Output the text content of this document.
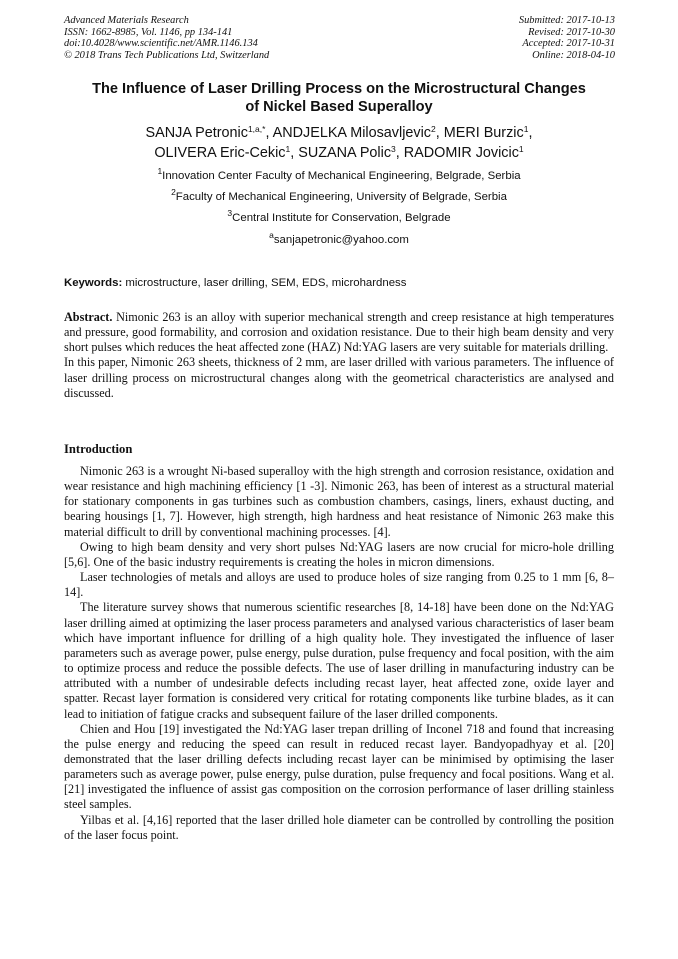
Advanced Materials Research
ISSN: 1662-8985, Vol. 1146, pp 134-141
doi:10.4028/www.scientific.net/AMR.1146.134
© 2018 Trans Tech Publications Ltd, Switzerland
Submitted: 2017-10-13
Revised: 2017-10-30
Accepted: 2017-10-31
Online: 2018-04-10
The Influence of Laser Drilling Process on the Microstructural Changes
of Nickel Based Superalloy
SANJA Petronic$^{1,a,*}$, ANDJELKA Milosavljevic$^2$, MERI Burzic$^1$,
OLIVERA Eric-Cekic$^1$, SUZANA Polic$^3$, RADOMIR Jovicic$^1$
$^1$Innovation Center Faculty of Mechanical Engineering, Belgrade, Serbia
$^2$Faculty of Mechanical Engineering, University of Belgrade, Serbia
$^3$Central Institute for Conservation, Belgrade
$^a$sanjapetronic@yahoo.com
Keywords: microstructure, laser drilling, SEM, EDS, microhardness

Abstract. Nimonic 263 is an alloy with superior mechanical strength and creep resistance at high temperatures and pressure, good formability, and corrosion and oxidation resistance. Due to their high beam density and very short pulses which reduces the heat affected zone (HAZ) Nd:YAG lasers are very suitable for materials drilling.

In this paper, Nimonic 263 sheets, thickness of 2 mm, are laser drilled with various parameters. The influence of laser drilling process on microstructural changes along with the geometrical characteristics are analysed and discussed.

Introduction

Nimonic 263 is a wrought Ni-based superalloy with the high strength and corrosion resistance, oxidation and wear resistance and high machining efficiency [1 -3]. Nimonic 263, has been of interest as a structural material for stationary components in gas turbines such as combustion chambers, casings, liners, exhaust ducting, and bearing housings [1, 7]. However, high strength, high hardness and heat resistance of Nimonic 263 make this material difficult to drill by conventional machining processes. [4].

Owing to high beam density and very short pulses Nd:YAG lasers are now crucial for micro-hole drilling [5,6]. One of the basic industry requirements is creating the holes in micron dimensions.

Laser technologies of metals and alloys are used to produce holes of size ranging from 0.25 to 1 mm [6, 8–14].

The literature survey shows that numerous scientific researches [8, 14-18] have been done on the Nd:YAG laser drilling aimed at optimizing the laser process parameters and analysed various characteristics of laser beam which have important influence for drilling of a high quality hole. They investigated the influence of laser parameters such as average power, pulse energy, pulse duration, pulse frequency and focal position, with the aim to optimize process and reduce the possible defects. The use of laser drilling in manufacturing industry can be attributed with a number of undesirable defects including recast layer, heat affected zone, oxide layer and spatter. Recast layer formation is considered very critical for rotating components like turbine blades, as it can lead to initiation of fatigue cracks and subsequent failure of the laser drilled components.

Chien and Hou [19] investigated the Nd:YAG laser trepan drilling of Inconel 718 and found that increasing the pulse energy and reducing the speed can result in reduced recast layer. Bandyopadhyay et al. [20] demonstrated that the laser drilling defects including recast layer can be minimised by optimising the laser parameters such as average power, pulse energy, pulse duration, pulse frequency and focal positions. Wang et al. [21] investigated the influence of assist gas composition on the corrosion performance of laser drilling stainless steel samples.

Yilbas et al. [4,16] reported that the laser drilled hole diameter can be controlled by controlling the position of the laser focus point.
